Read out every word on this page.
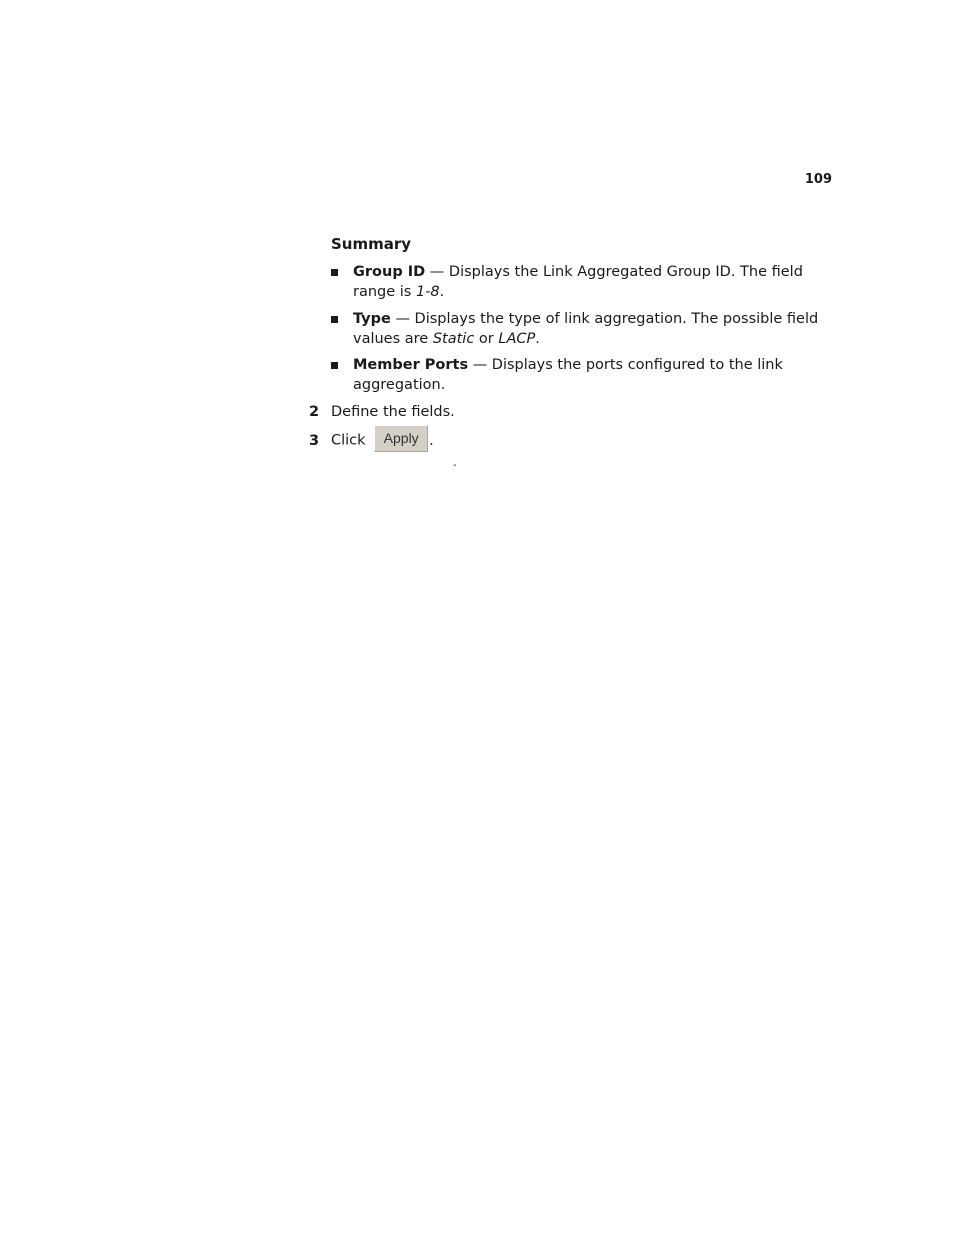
109
Summary
Group ID — Displays the Link Aggregated Group ID. The field range is 1-8.
Type — Displays the type of link aggregation. The possible field values are Static or LACP.
Member Ports — Displays the ports configured to the link aggregation.
2 Define the fields.
3 Click Apply .
.
